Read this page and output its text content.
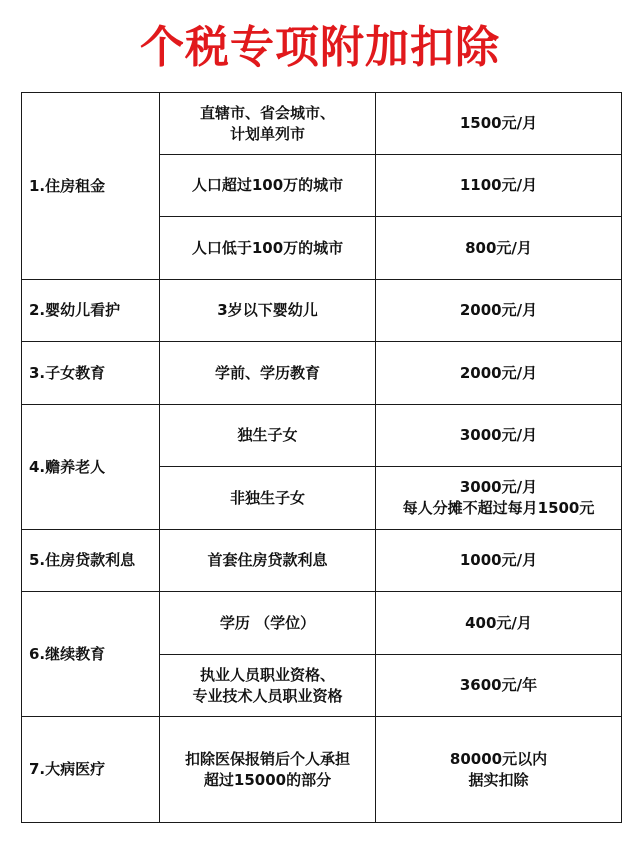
个税专项附加扣除
1.住房租金	直辖市、省会城市、
计划单列市	1500元/月

	人口超过100万的城市	1100元/月

	人口低于100万的城市	800元/月

2.婴幼儿看护	3岁以下婴幼儿	2000元/月

3.子女教育	学前、学历教育	2000元/月

4.赡养老人	独生子女	3000元/月

	非独生子女	3000元/月
每人分摊不超过每月1500元

5.住房贷款利息	首套住房贷款利息	1000元/月

6.继续教育	学历 （学位）	400元/月

	执业人员职业资格、
专业技术人员职业资格	3600元/年

7.大病医疗	扣除医保报销后个人承担
超过15000的部分	80000元以内
据实扣除
